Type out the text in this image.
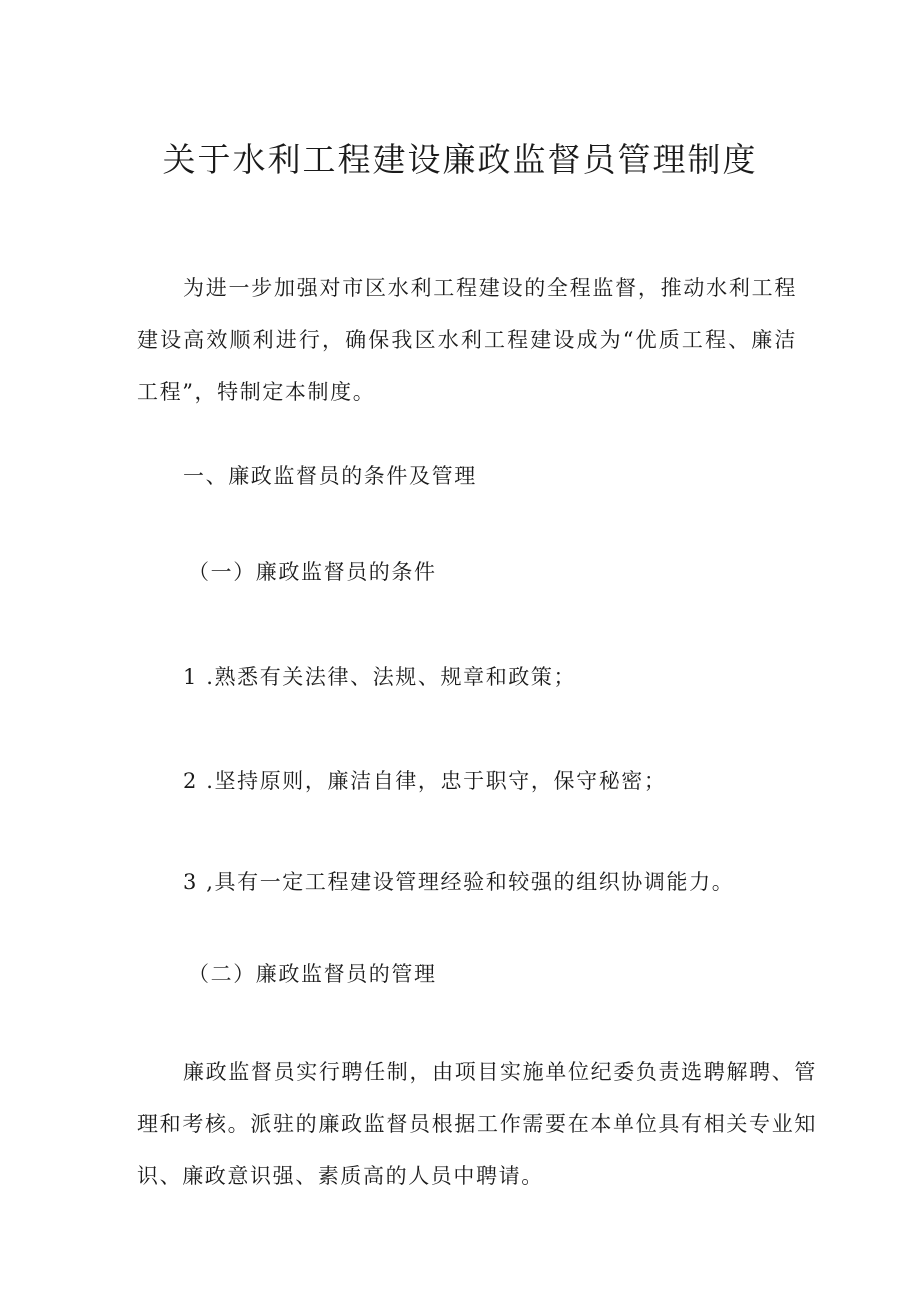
关于水利工程建设廉政监督员管理制度

为进一步加强对市区水利工程建设的全程监督，推动水利工程建设高效顺利进行，确保我区水利工程建设成为“优质工程、廉洁工程”，特制定本制度。

一、廉政监督员的条件及管理

（一）廉政监督员的条件

1 .熟悉有关法律、法规、规章和政策；

2 .坚持原则，廉洁自律，忠于职守，保守秘密；

3 ,具有一定工程建设管理经验和较强的组织协调能力。

（二）廉政监督员的管理

廉政监督员实行聘任制，由项目实施单位纪委负责选聘解聘、管理和考核。派驻的廉政监督员根据工作需要在本单位具有相关专业知识、廉政意识强、素质高的人员中聘请。
